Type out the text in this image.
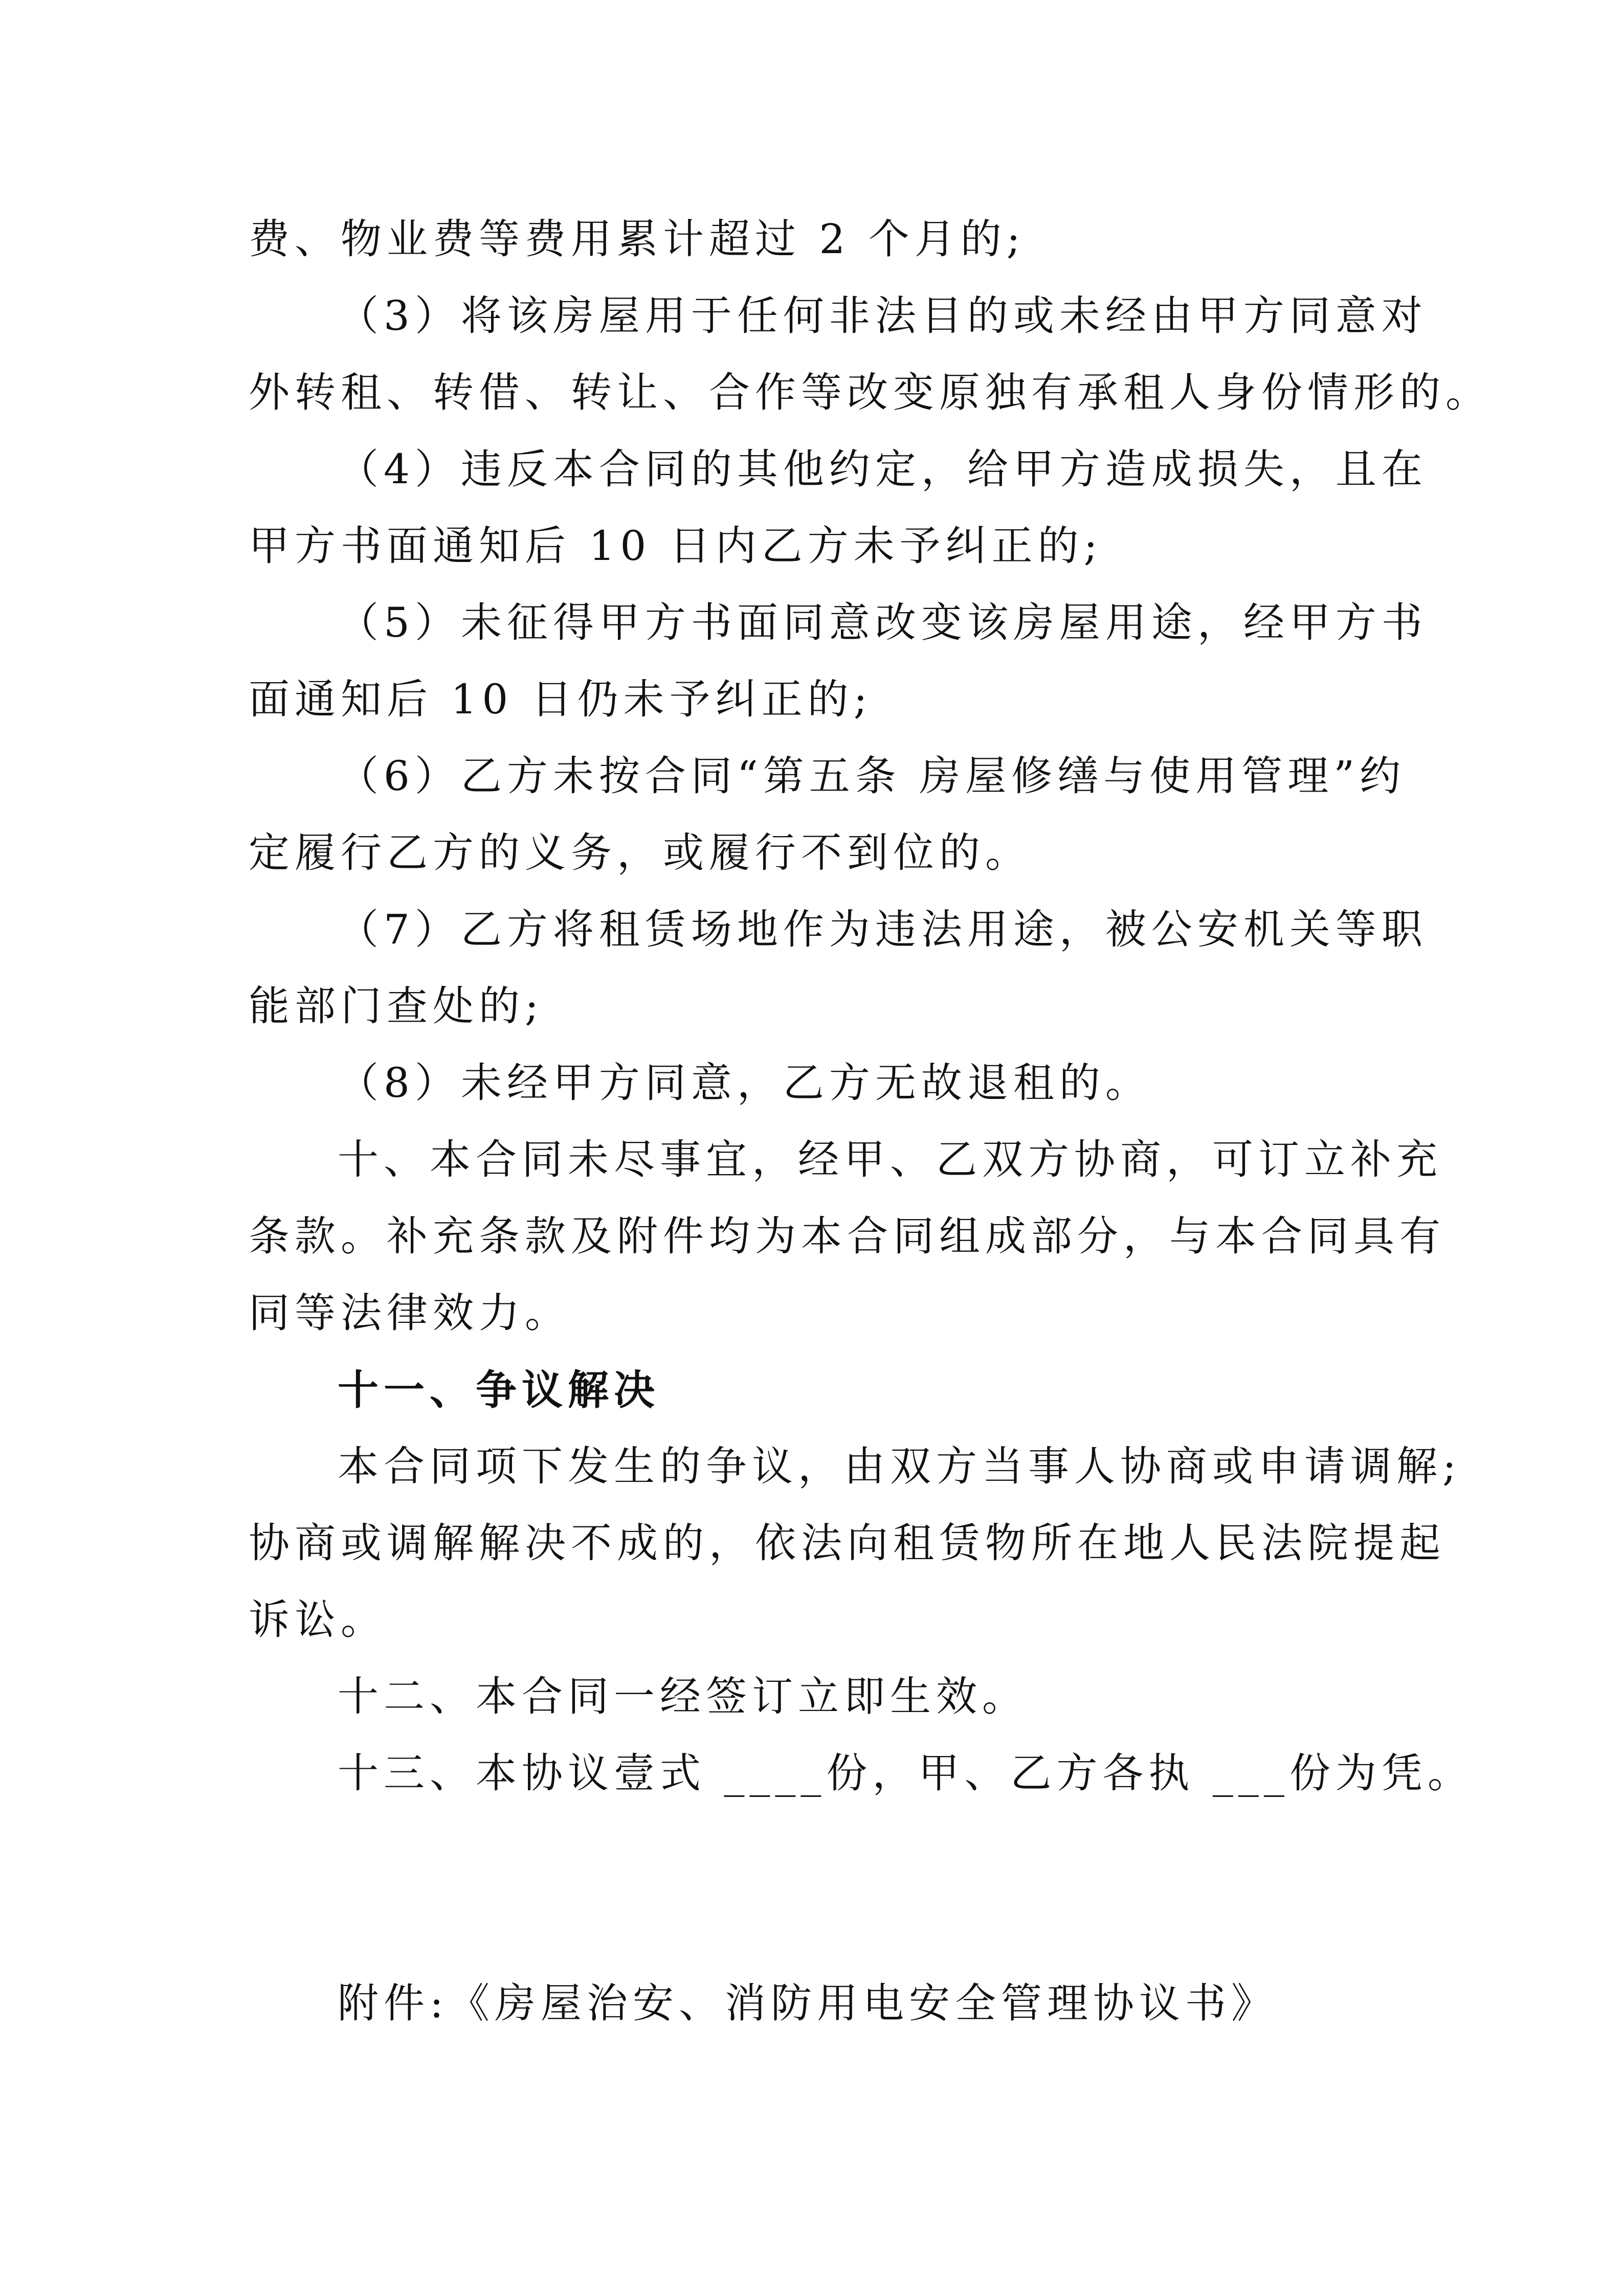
费、物业费等费用累计超过 2 个月的;
（3）将该房屋用于任何非法目的或未经由甲方同意对
外转租、转借、转让、合作等改变原独有承租人身份情形的。
（4）违反本合同的其他约定，给甲方造成损失，且在
甲方书面通知后 10 日内乙方未予纠正的;
（5）未征得甲方书面同意改变该房屋用途，经甲方书
面通知后 10 日仍未予纠正的;
（6）乙方未按合同“第五条 房屋修缮与使用管理”约
定履行乙方的义务，或履行不到位的。
（7）乙方将租赁场地作为违法用途，被公安机关等职
能部门查处的;
（8）未经甲方同意，乙方无故退租的。
十、本合同未尽事宜，经甲、乙双方协商，可订立补充
条款。补充条款及附件均为本合同组成部分，与本合同具有
同等法律效力。
十一、争议解决
本合同项下发生的争议，由双方当事人协商或申请调解;
协商或调解解决不成的，依法向租赁物所在地人民法院提起
诉讼。
十二、本合同一经签订立即生效。
十三、本协议壹式 ____份，甲、乙方各执 ___份为凭。
附件:《房屋治安、消防用电安全管理协议书》
